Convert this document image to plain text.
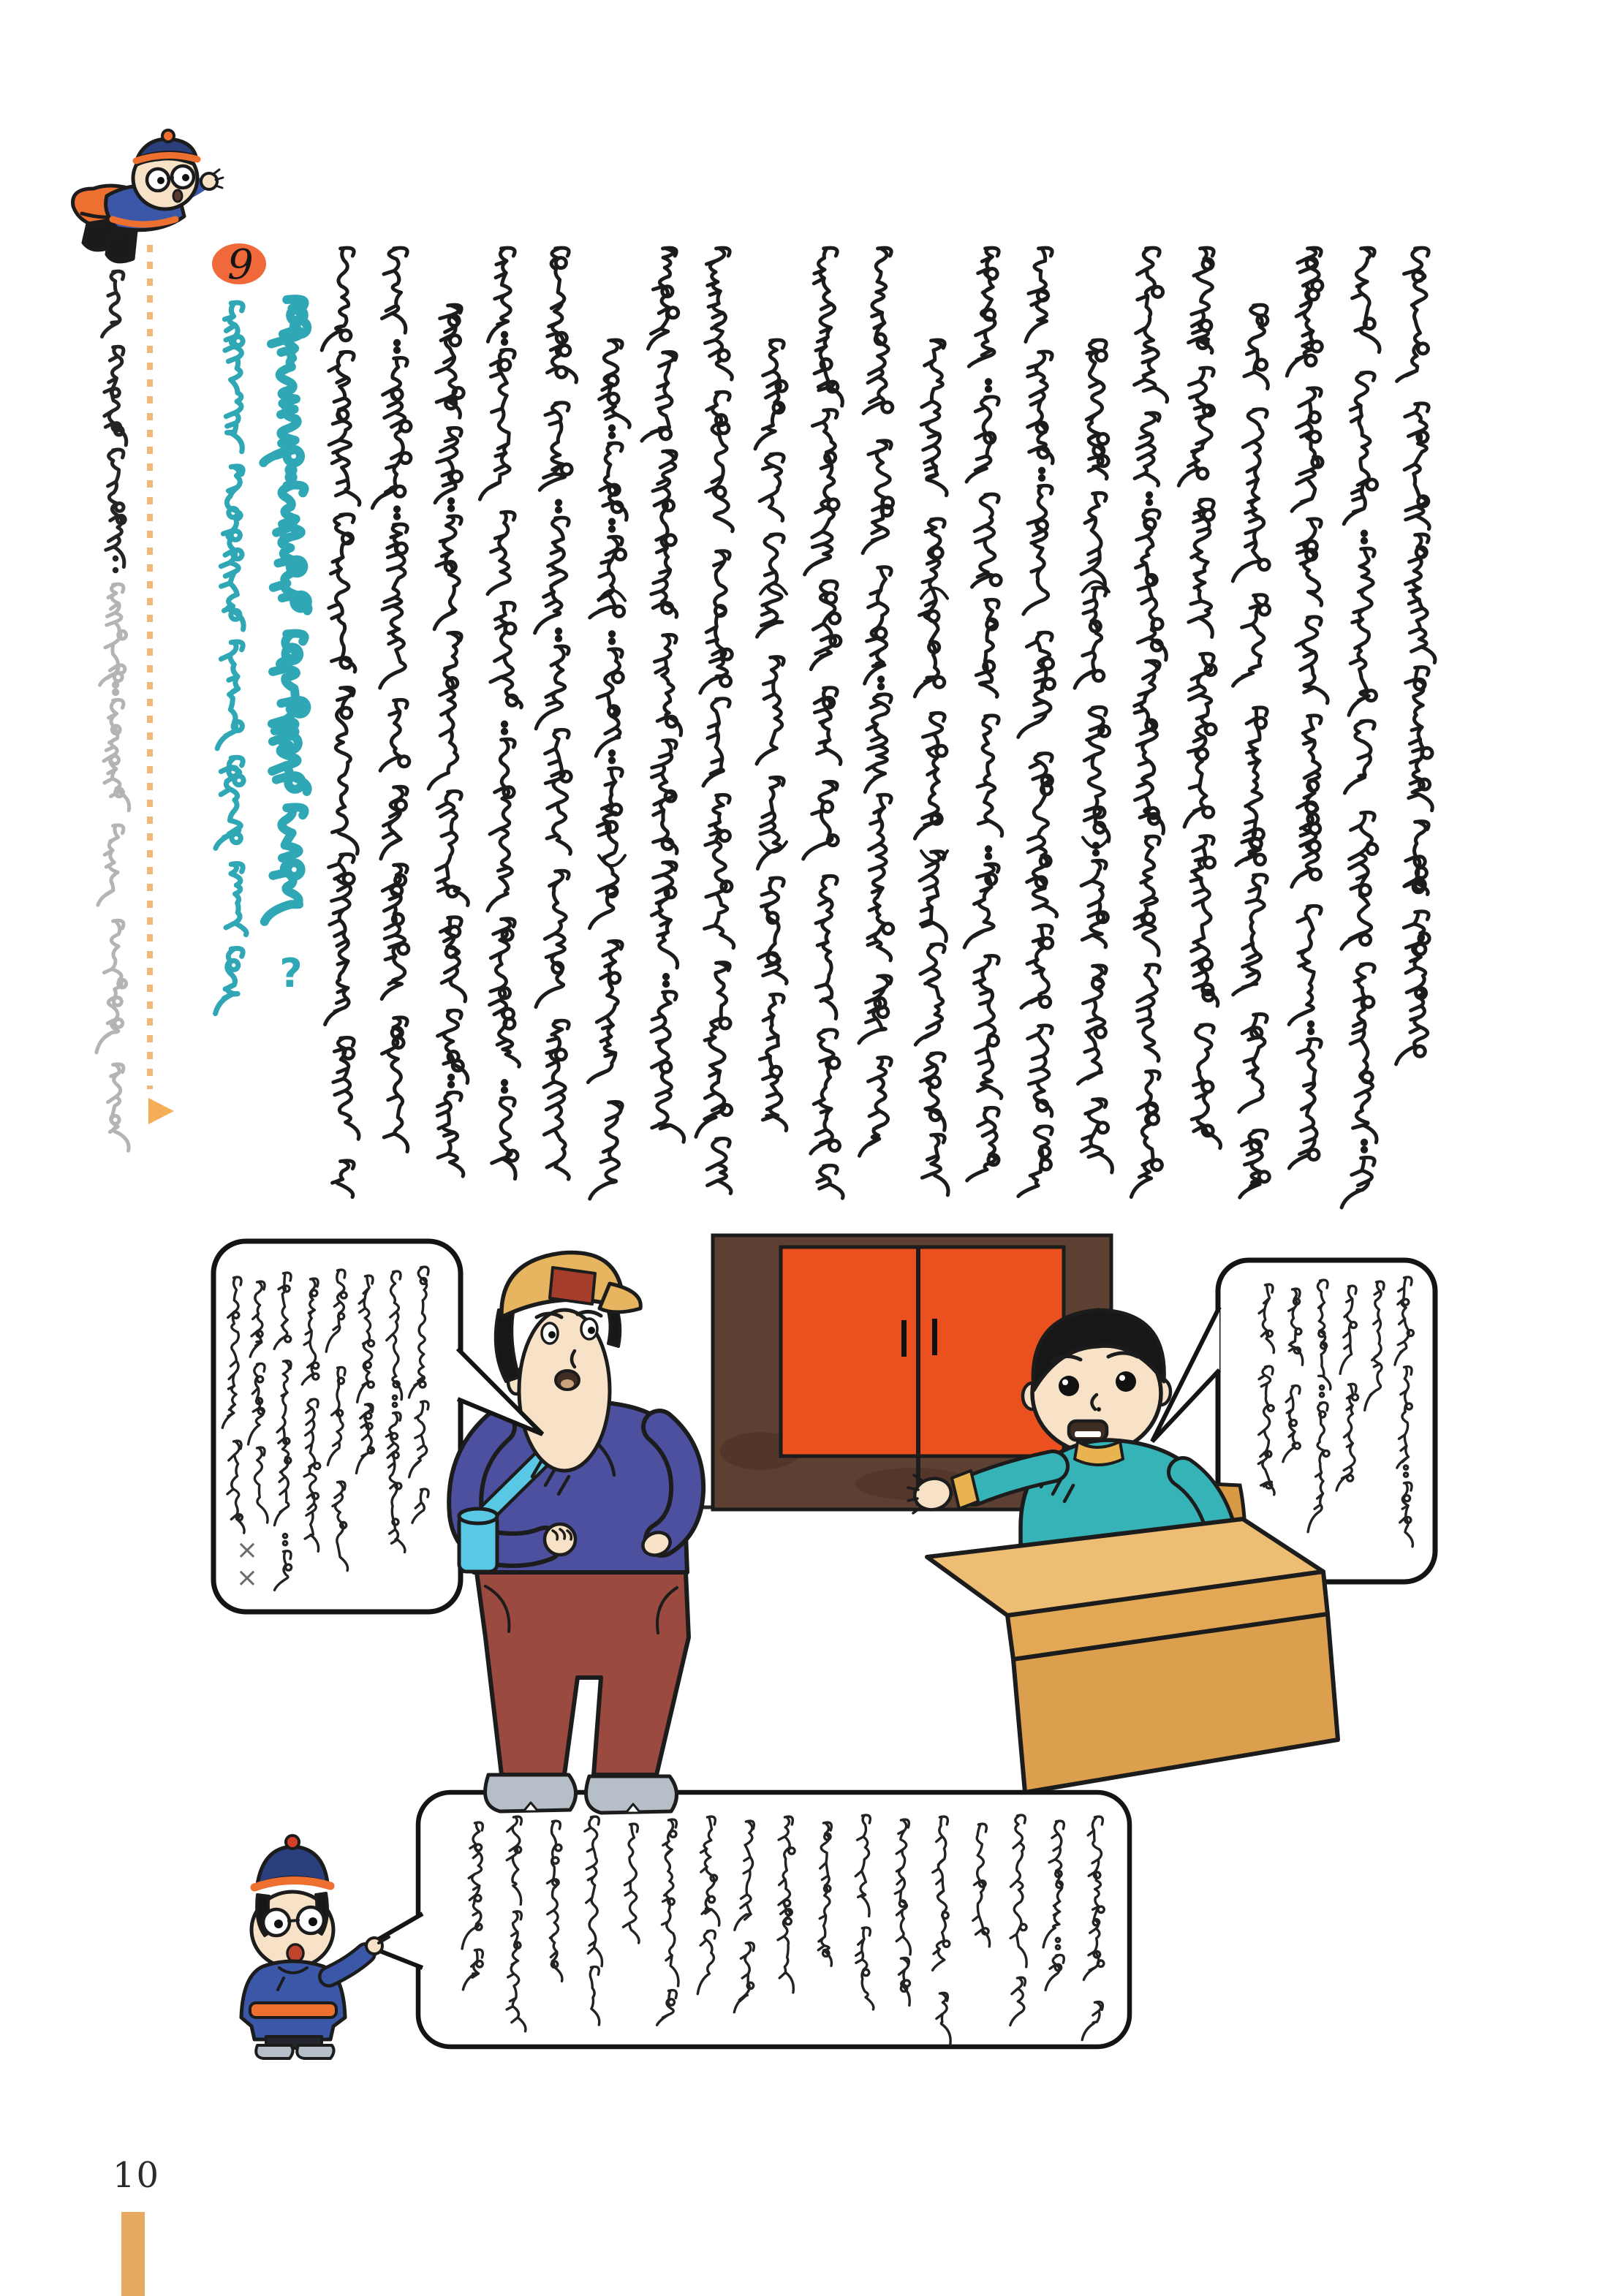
9
?
×
×
10
